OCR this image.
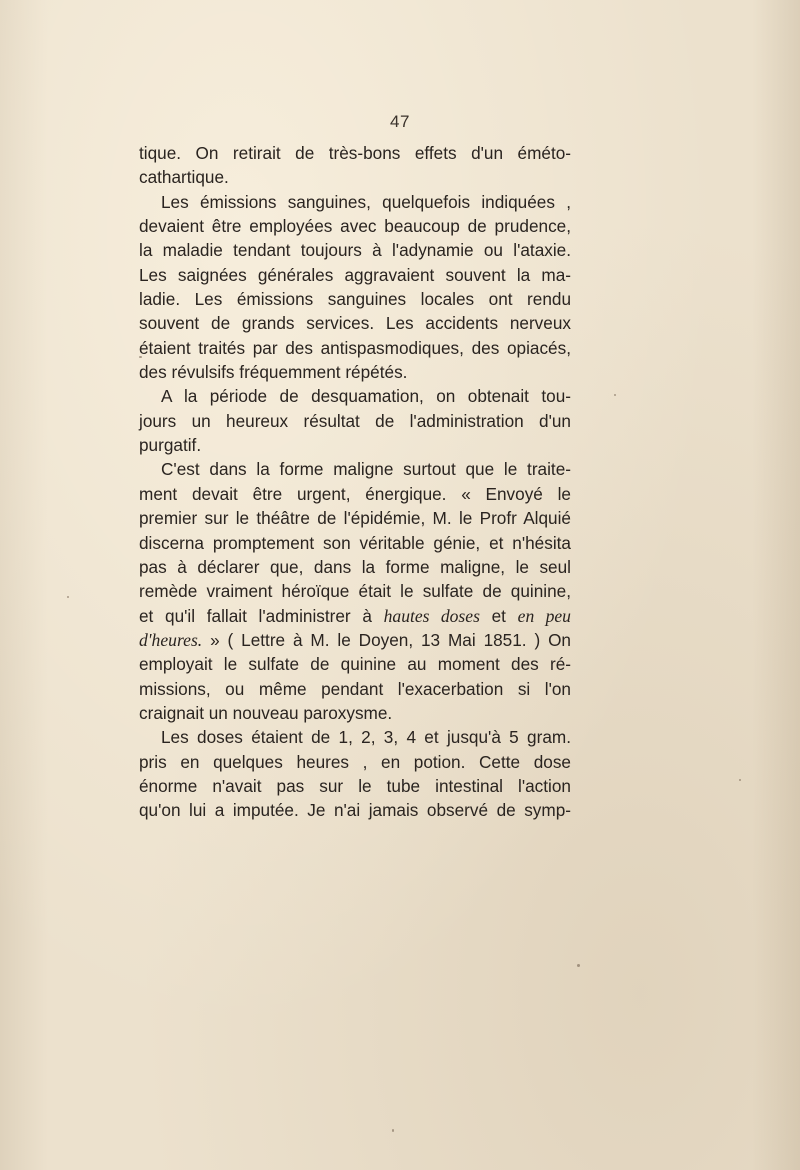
47
tique. On retirait de très-bons effets d'un éméto-
cathartique.
Les émissions sanguines, quelquefois indiquées ,
devaient être employées avec beaucoup de prudence,
la maladie tendant toujours à l'adynamie ou l'ataxie.
Les saignées générales aggravaient souvent la ma-
ladie. Les émissions sanguines locales ont rendu
souvent de grands services. Les accidents nerveux
étaient traités par des antispasmodiques, des opiacés,
des révulsifs fréquemment répétés.
A la période de desquamation, on obtenait tou-
jours un heureux résultat de l'administration d'un
purgatif.
C'est dans la forme maligne surtout que le traite-
ment devait être urgent, énergique. « Envoyé le
premier sur le théâtre de l'épidémie, M. le Profr Alquié
discerna promptement son véritable génie, et n'hésita
pas à déclarer que, dans la forme maligne, le seul
remède vraiment héroïque était le sulfate de quinine,
et qu'il fallait l'administrer à hautes doses et en peu
d'heures. » ( Lettre à M. le Doyen, 13 Mai 1851. ) On
employait le sulfate de quinine au moment des ré-
missions, ou même pendant l'exacerbation si l'on
craignait un nouveau paroxysme.
Les doses étaient de 1, 2, 3, 4 et jusqu'à 5 gram.
pris en quelques heures , en potion. Cette dose
énorme n'avait pas sur le tube intestinal l'action
qu'on lui a imputée. Je n'ai jamais observé de symp-
